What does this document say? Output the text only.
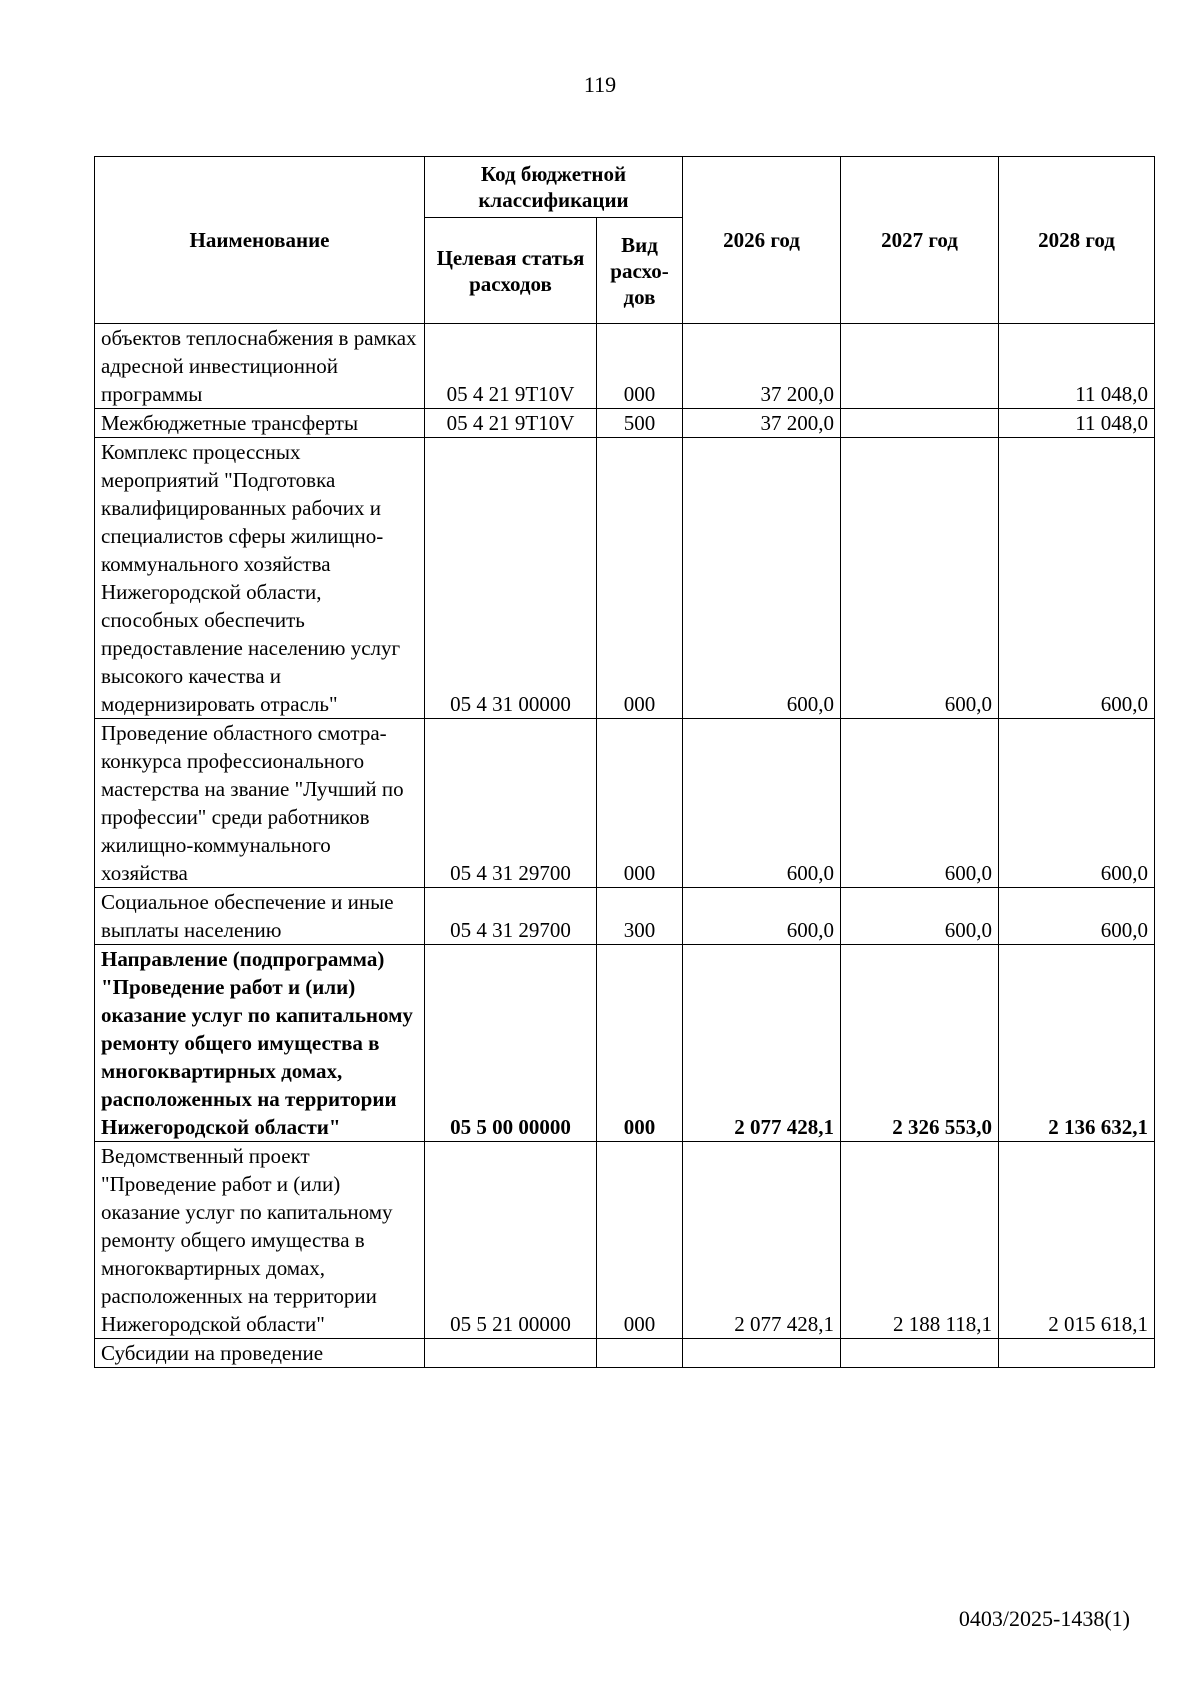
119
Наименование	Код бюджетной классификации		2026 год	2027 год	2028 год
	Целевая статья расходов	Вид расхо-дов			
объектов теплоснабжения в рамках адресной инвестиционной программы	05 4 21 9T10V	000	37 200,0		11 048,0
Межбюджетные трансферты	05 4 21 9T10V	500	37 200,0		11 048,0
Комплекс процессных мероприятий "Подготовка квалифицированных рабочих и специалистов сферы жилищно-коммунального хозяйства Нижегородской области, способных обеспечить предоставление населению услуг высокого качества и модернизировать отрасль"	05 4 31 00000	000	600,0	600,0	600,0
Проведение областного смотра-конкурса профессионального мастерства на звание "Лучший по профессии" среди работников жилищно-коммунального хозяйства	05 4 31 29700	000	600,0	600,0	600,0
Социальное обеспечение и иные выплаты населению	05 4 31 29700	300	600,0	600,0	600,0
Направление (подпрограмма) "Проведение работ и (или) оказание услуг по капитальному ремонту общего имущества в многоквартирных домах, расположенных на территории Нижегородской области"	05 5 00 00000	000	2 077 428,1	2 326 553,0	2 136 632,1
Ведомственный проект "Проведение работ и (или) оказание услуг по капитальному ремонту общего имущества в многоквартирных домах, расположенных на территории Нижегородской области"	05 5 21 00000	000	2 077 428,1	2 188 118,1	2 015 618,1
Субсидии на проведение					
0403/2025-1438(1)
